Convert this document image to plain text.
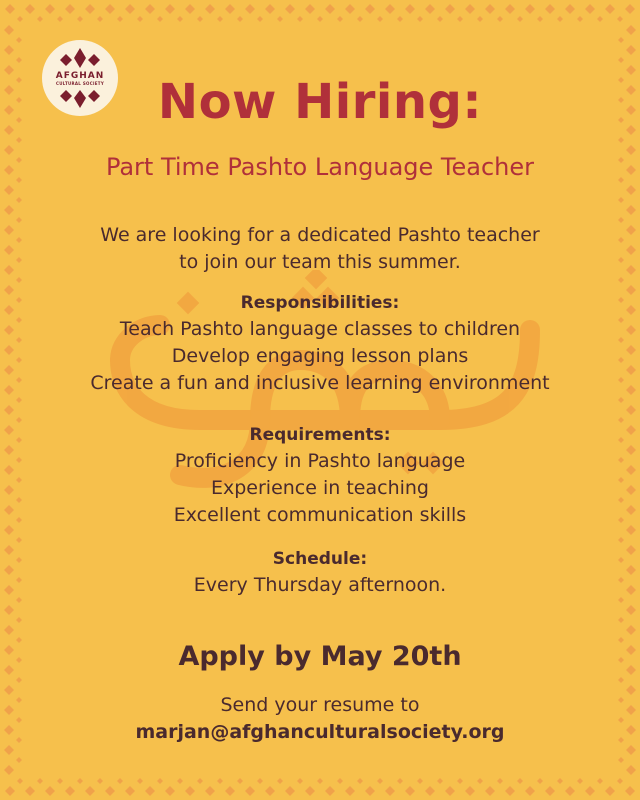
AFGHAN
CULTURAL SOCIETY	Now Hiring:
Part Time Pashto Language Teacher
We are looking for a dedicated Pashto teacher
to join our team this summer.
Responsibilities:
Teach Pashto language classes to children
Develop engaging lesson plans
Create a fun and inclusive learning environment
Requirements:
Proficiency in Pashto language
Experience in teaching
Excellent communication skills
Schedule:
Every Thursday afternoon.
Apply by May 20th
Send your resume to
marjan@afghanculturalsociety.org
